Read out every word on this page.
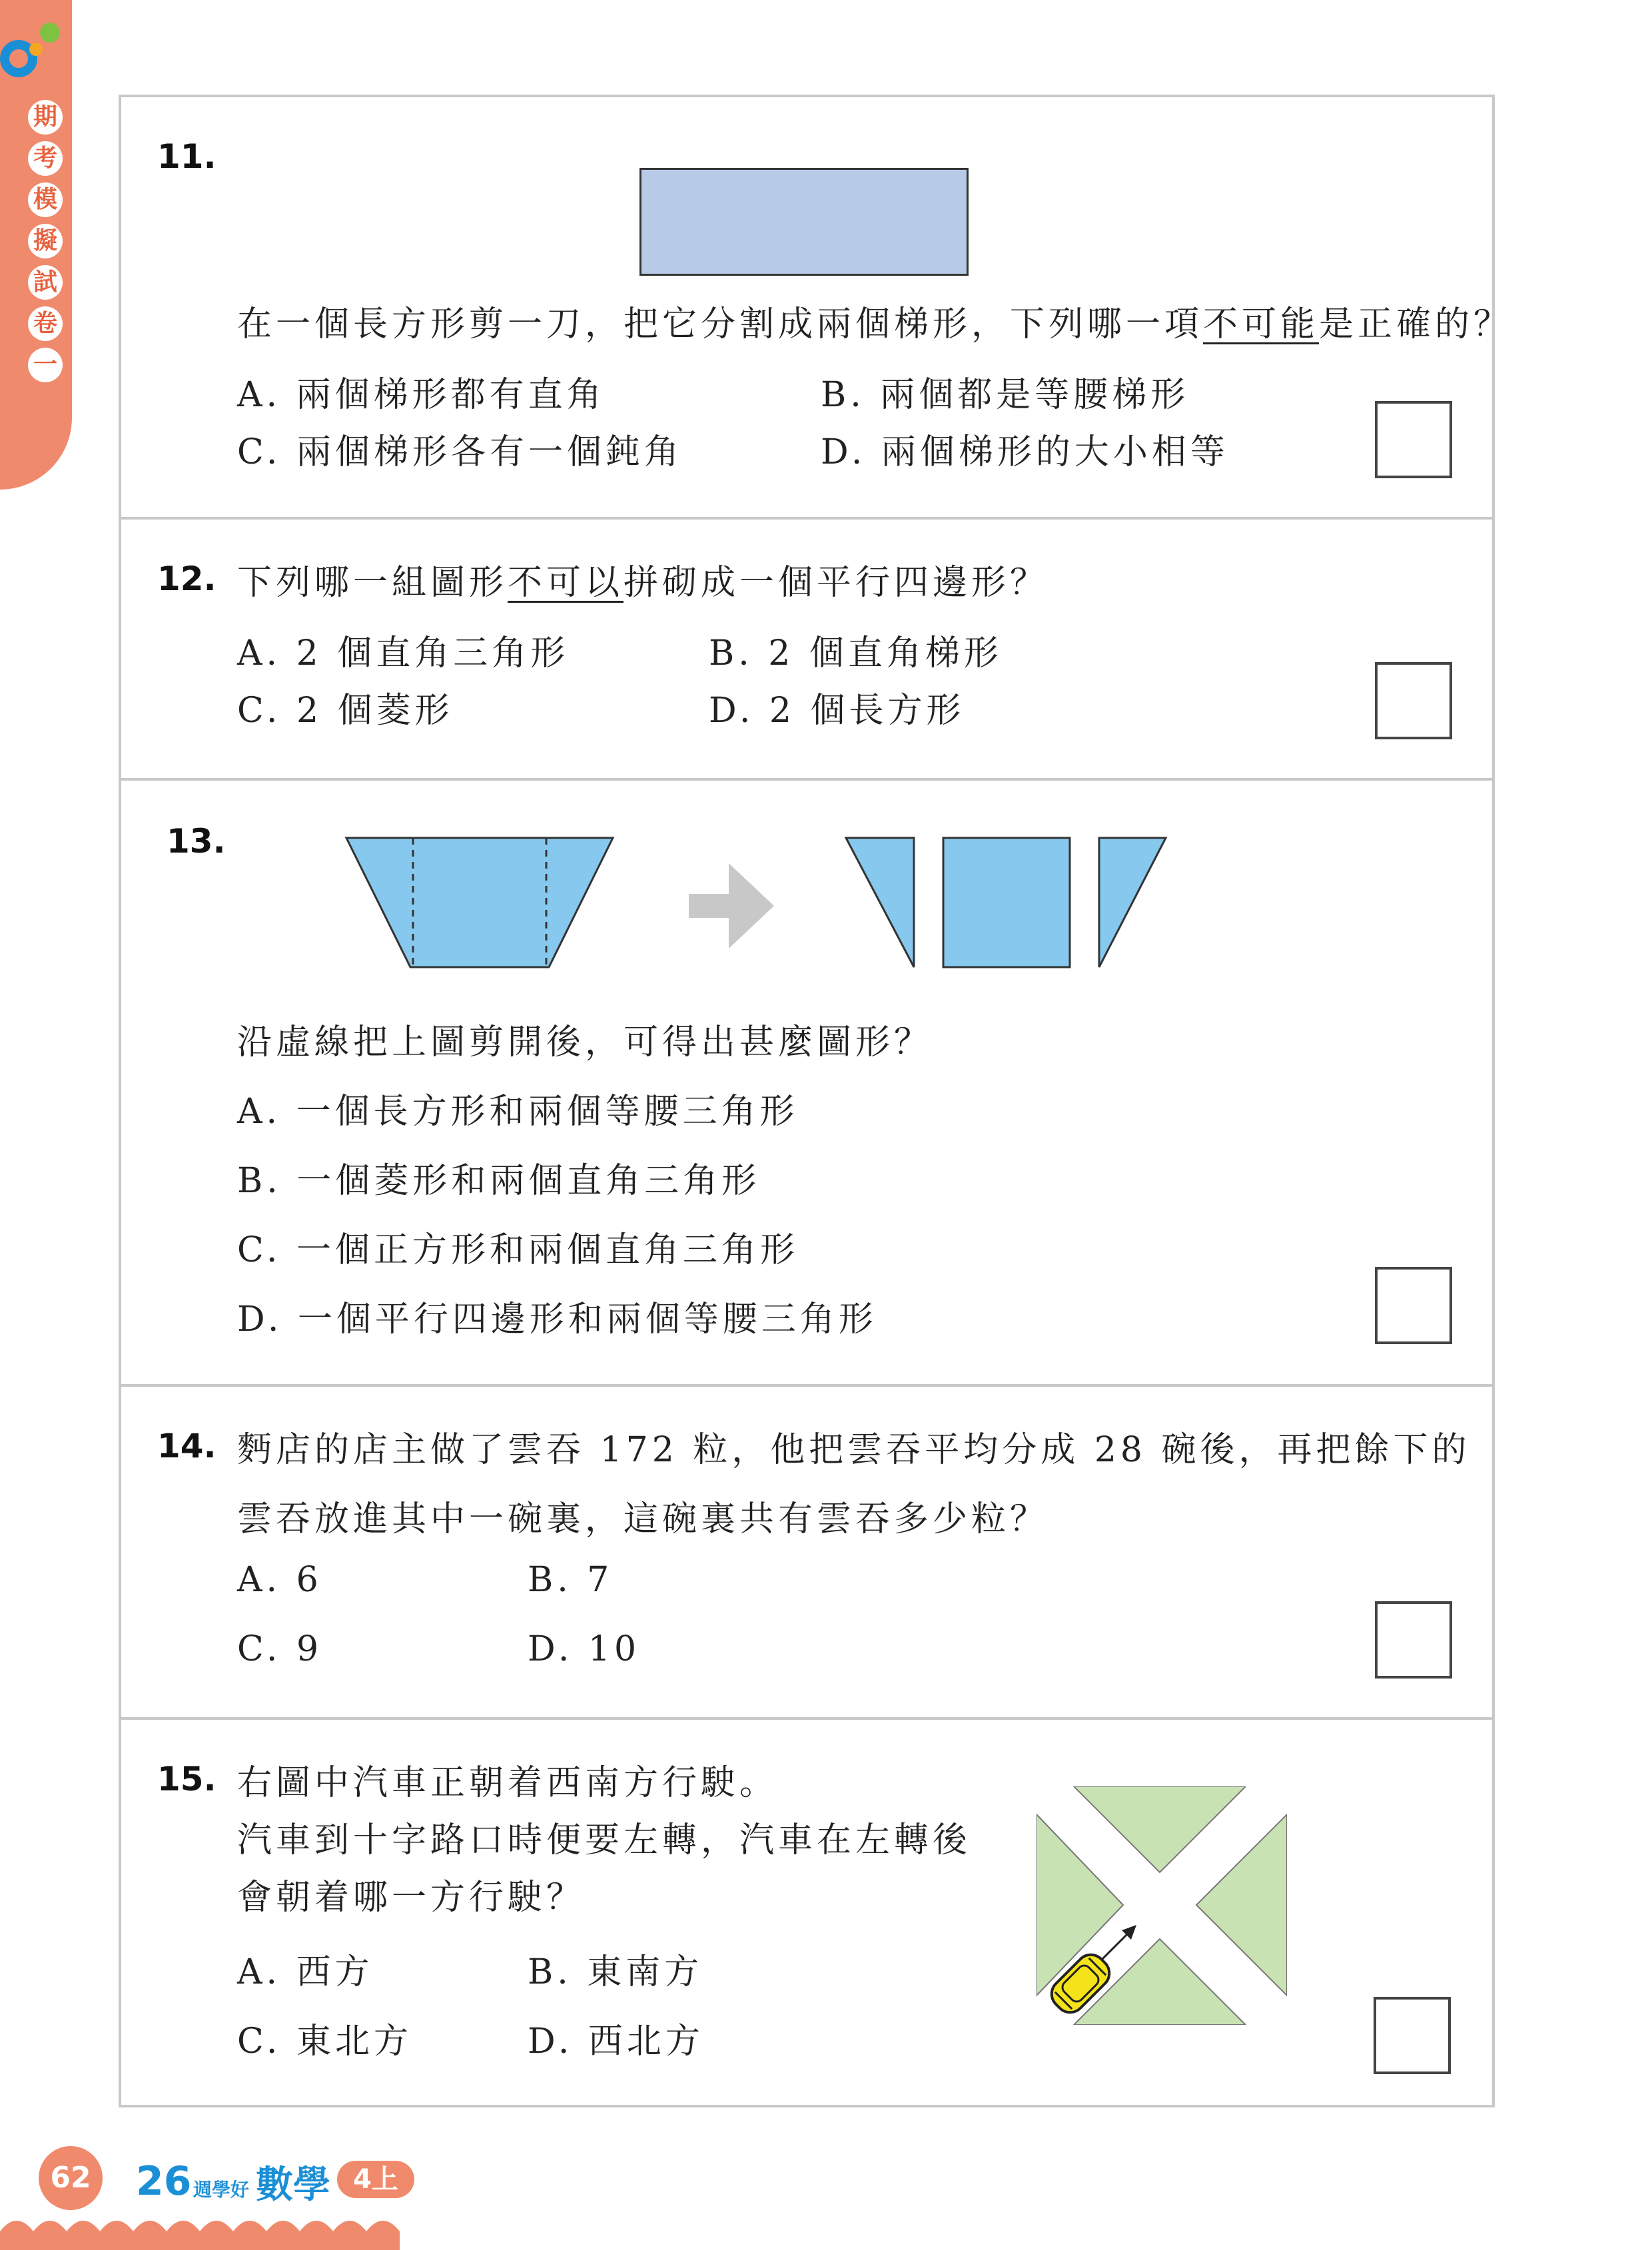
期
考
模
擬
試
卷
一
11.
在一個長方形剪一刀，把它分割成兩個梯形，下列哪一項不可能是正確的？
A. 兩個梯形都有直角	B. 兩個都是等腰梯形
C. 兩個梯形各有一個鈍角	D. 兩個梯形的大小相等
12. 下列哪一組圖形不可以拼砌成一個平行四邊形？
A. 2 個直角三角形	B. 2 個直角梯形
C. 2 個菱形	D. 2 個長方形
13.
沿虛線把上圖剪開後，可得出甚麼圖形？
A. 一個長方形和兩個等腰三角形
B. 一個菱形和兩個直角三角形
C. 一個正方形和兩個直角三角形
D. 一個平行四邊形和兩個等腰三角形
14. 麪店的店主做了雲吞 172 粒，他把雲吞平均分成 28 碗後，再把餘下的
雲吞放進其中一碗裏，這碗裏共有雲吞多少粒？
A. 6	B. 7
C. 9	D. 10
15. 右圖中汽車正朝着西南方行駛。
汽車到十字路口時便要左轉，汽車在左轉後
會朝着哪一方行駛？
A. 西方	B. 東南方
C. 東北方	D. 西北方
62 26 週學好 數學 4上
